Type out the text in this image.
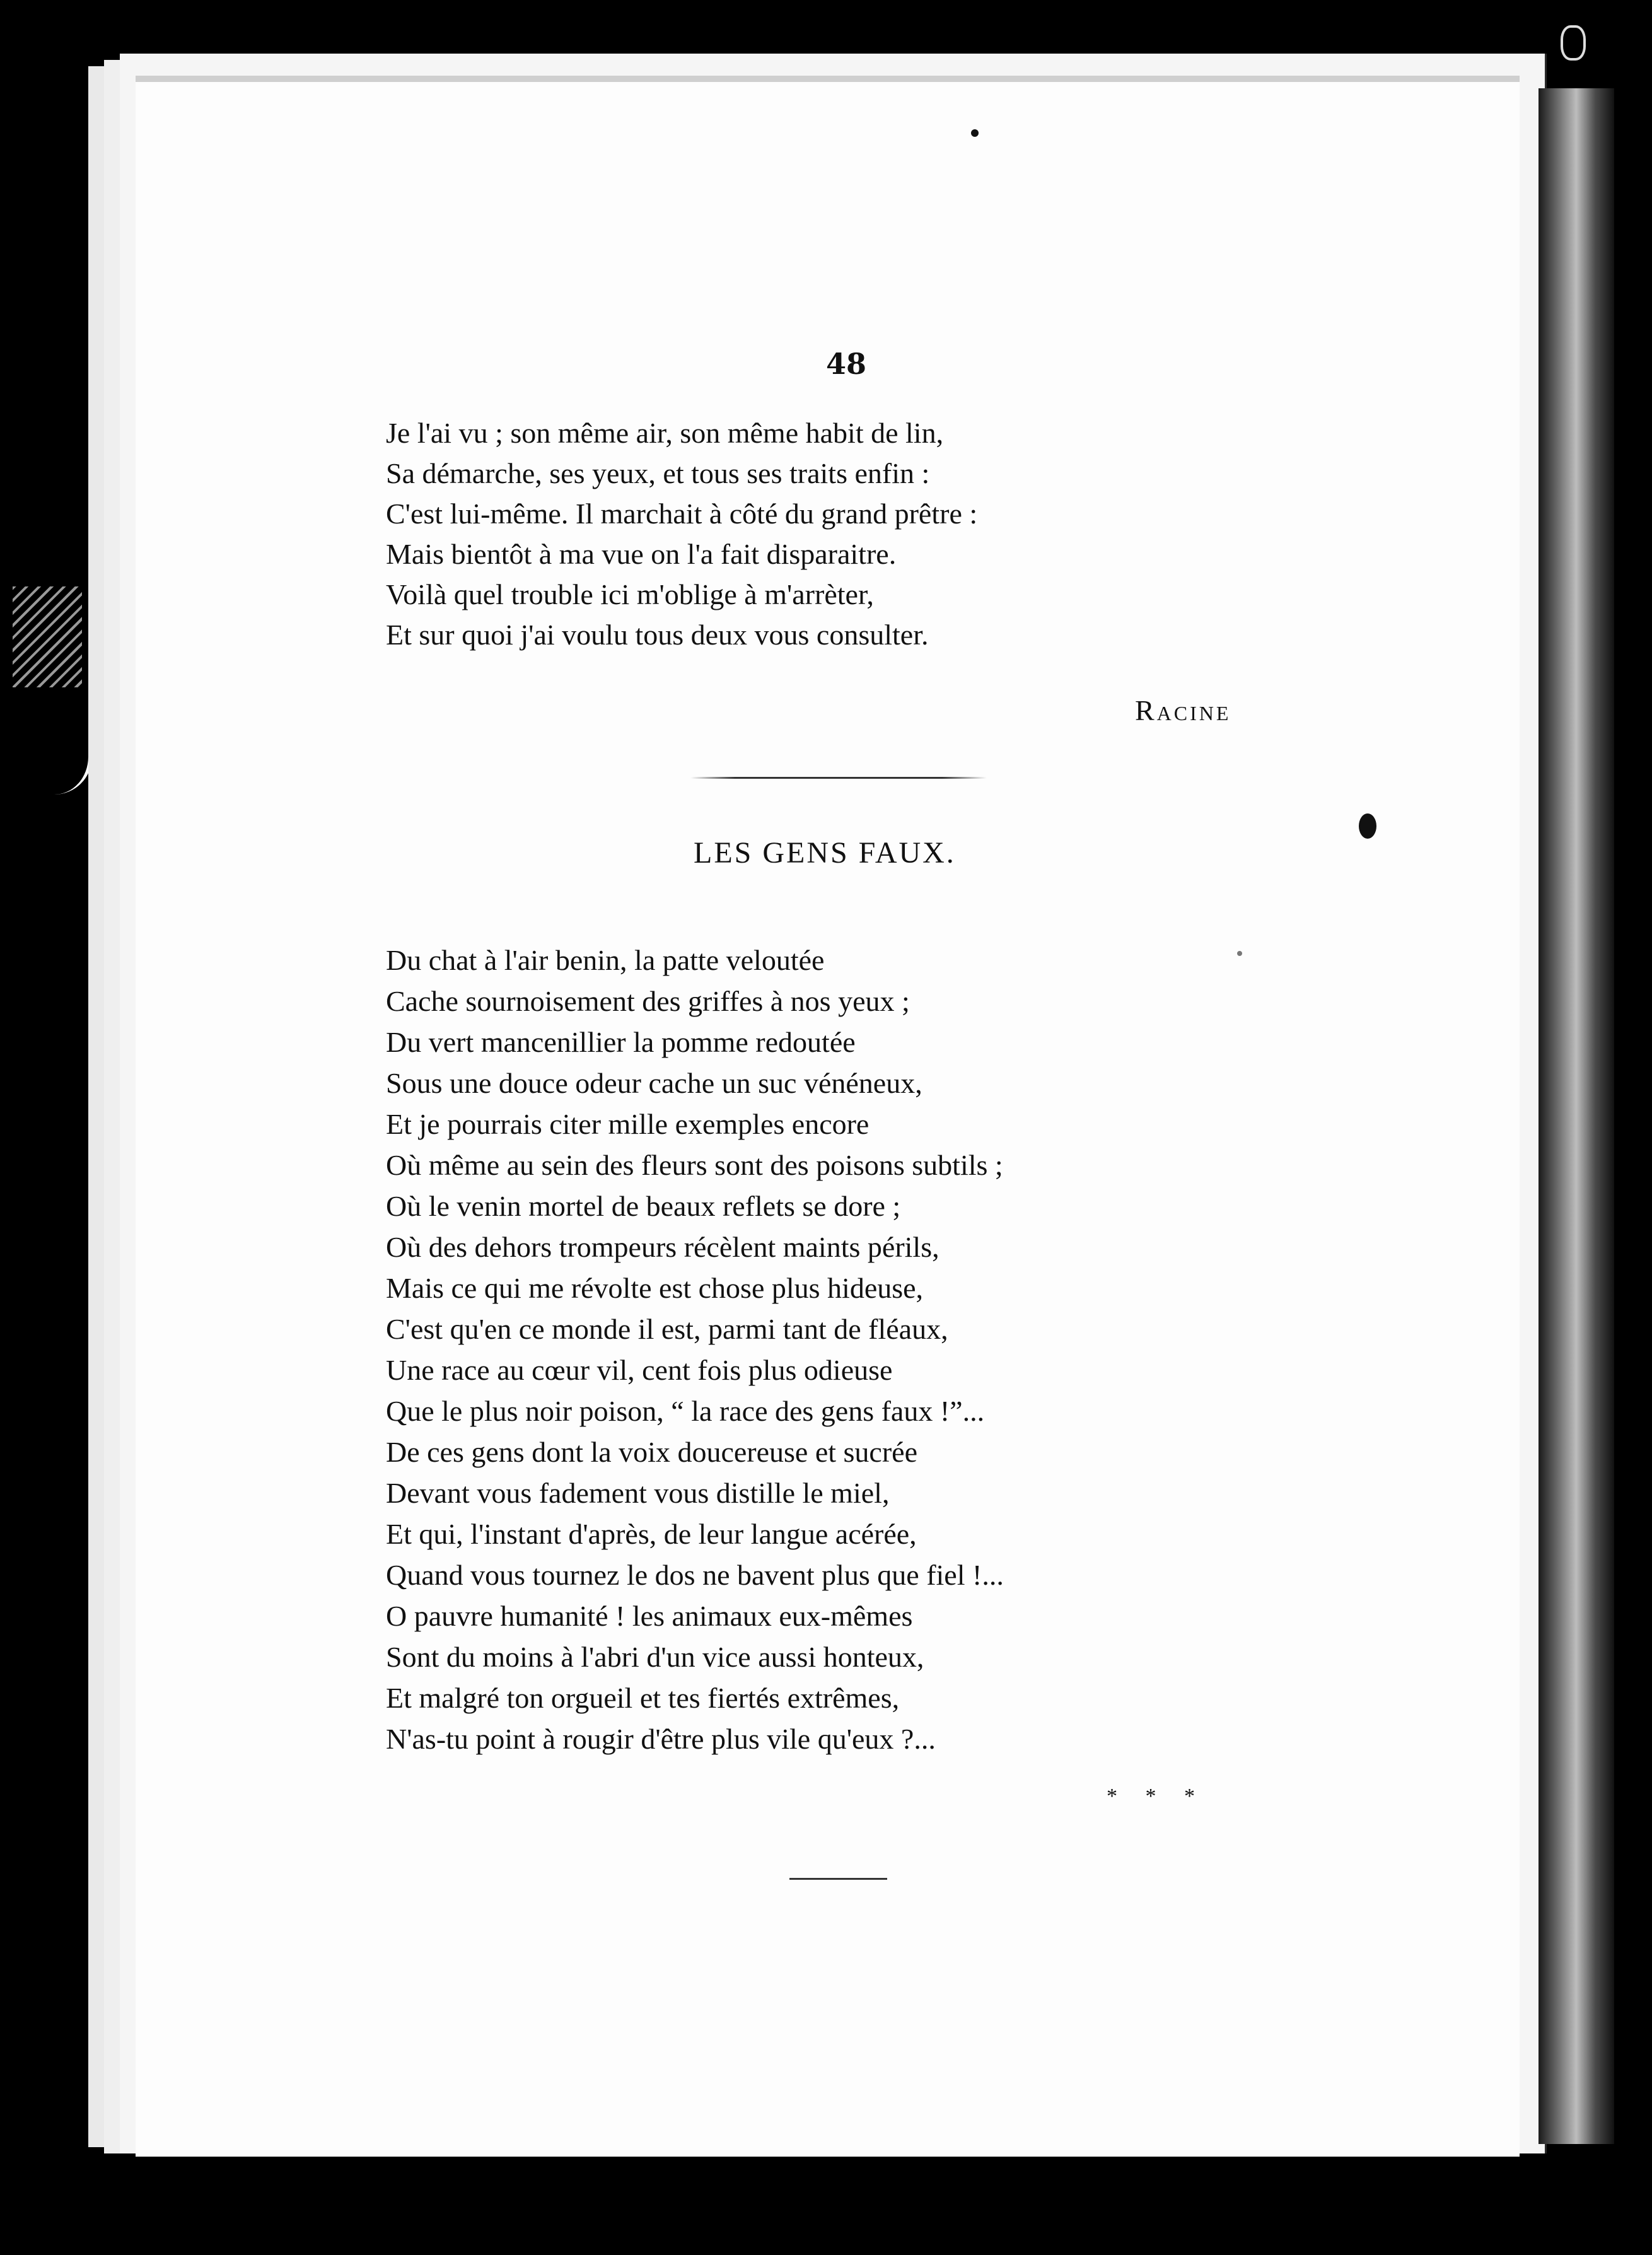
48
Je l'ai vu ; son même air, son même habit de lin,
Sa démarche, ses yeux, et tous ses traits enfin :
C'est lui-même. Il marchait à côté du grand prêtre :
Mais bientôt à ma vue on l'a fait disparaitre.
Voilà quel trouble ici m'oblige à m'arrèter,
Et sur quoi j'ai voulu tous deux vous consulter.
Racine
LES GENS FAUX.
Du chat à l'air benin, la patte veloutée
Cache sournoisement des griffes à nos yeux ;
Du vert mancenillier la pomme redoutée
Sous une douce odeur cache un suc vénéneux,
Et je pourrais citer mille exemples encore
Où même au sein des fleurs sont des poisons subtils ;
Où le venin mortel de beaux reflets se dore ;
Où des dehors trompeurs récèlent maints périls,
Mais ce qui me révolte est chose plus hideuse,
C'est qu'en ce monde il est, parmi tant de fléaux,
Une race au cœur vil, cent fois plus odieuse
Que le plus noir poison, “ la race des gens faux !”...
De ces gens dont la voix doucereuse et sucrée
Devant vous fadement vous distille le miel,
Et qui, l'instant d'après, de leur langue acérée,
Quand vous tournez le dos ne bavent plus que fiel !...
O pauvre humanité ! les animaux eux-mêmes
Sont du moins à l'abri d'un vice aussi honteux,
Et malgré ton orgueil et tes fiertés extrêmes,
N'as-tu point à rougir d'être plus vile qu'eux ?...
* * *
